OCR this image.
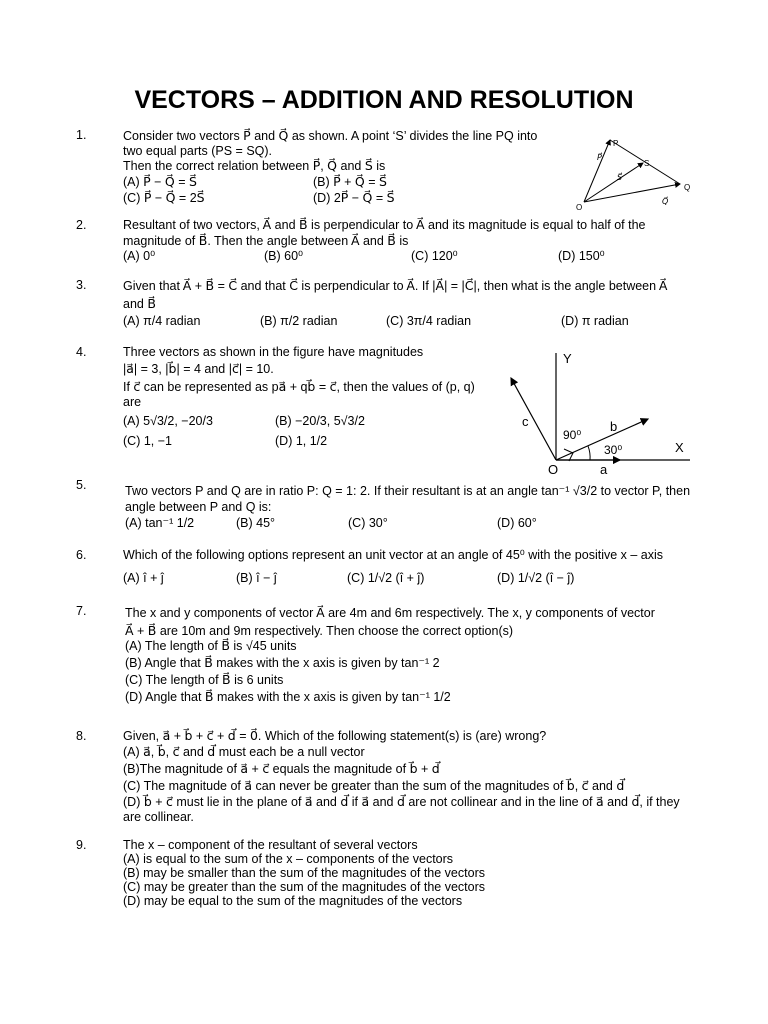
VECTORS – ADDITION AND RESOLUTION
1.	Consider two vectors P⃗ and Q⃗ as shown. A point ‘S’ divides the line PQ into
two equal parts (PS = SQ).
Then the correct relation between P⃗, Q⃗ and S⃗ is
(A) P⃗ − Q⃗ = S⃗	(B) P⃗ + Q⃗ = S⃗
(C) P⃗ − Q⃗ = 2S⃗	(D) 2P⃗ − Q⃗ = S⃗
P
Q
S
O
P⃗
S⃗
Q⃗
2.	Resultant of two vectors, A⃗ and B⃗ is perpendicular to A⃗ and its magnitude is equal to half of the
magnitude of B⃗. Then the angle between A⃗ and B⃗ is
(A) 0⁰	(B) 60⁰	(C) 120⁰	(D) 150⁰
3.	Given that A⃗ + B⃗ = C⃗ and that C⃗ is perpendicular to A⃗. If |A⃗| = |C⃗|, then what is the angle between A⃗
and B⃗
(A) π/4 radian	(B) π/2 radian	(C) 3π/4 radian	(D) π radian
4.	Three vectors as shown in the figure have magnitudes
|a⃗| = 3, |b⃗| = 4 and |c⃗| = 10.
If c⃗ can be represented as pa⃗ + qb⃗ = c⃗, then the values of (p, q)
are
(A) 5√3/2, −20/3	(B) −20/3, 5√3/2
(C) 1, −1	(D) 1, 1/2
Y
X
O	a
b
c
90⁰
30⁰
5.	Two vectors P and Q are in ratio P: Q = 1: 2. If their resultant is at an angle tan⁻¹ √3/2 to vector P, then
angle between P and Q is:
(A) tan⁻¹ 1/2	(B) 45°	(C) 30°	(D) 60°
6.	Which of the following options represent an unit vector at an angle of 45⁰ with the positive x – axis
(A) î + ĵ	(B) î − ĵ	(C) 1/√2 (î + ĵ)	(D) 1/√2 (î − ĵ)
7.	The x and y components of vector A⃗ are 4m and 6m respectively. The x, y components of vector
A⃗ + B⃗ are 10m and 9m respectively. Then choose the correct option(s)
(A) The length of B⃗ is √45 units
(B) Angle that B⃗ makes with the x axis is given by tan⁻¹ 2
(C) The length of B⃗ is 6 units
(D) Angle that B⃗ makes with the x axis is given by tan⁻¹ 1/2
8.	Given, a⃗ + b⃗ + c⃗ + d⃗ = 0⃗. Which of the following statement(s) is (are) wrong?
(A) a⃗, b⃗, c⃗ and d⃗ must each be a null vector
(B)The magnitude of a⃗ + c⃗ equals the magnitude of b⃗ + d⃗
(C) The magnitude of a⃗ can never be greater than the sum of the magnitudes of b⃗, c⃗ and d⃗
(D) b⃗ + c⃗ must lie in the plane of a⃗ and d⃗ if a⃗ and d⃗ are not collinear and in the line of a⃗ and d⃗, if they
are collinear.
9.	The x – component of the resultant of several vectors
(A) is equal to the sum of the x – components of the vectors
(B) may be smaller than the sum of the magnitudes of the vectors
(C) may be greater than the sum of the magnitudes of the vectors
(D) may be equal to the sum of the magnitudes of the vectors
